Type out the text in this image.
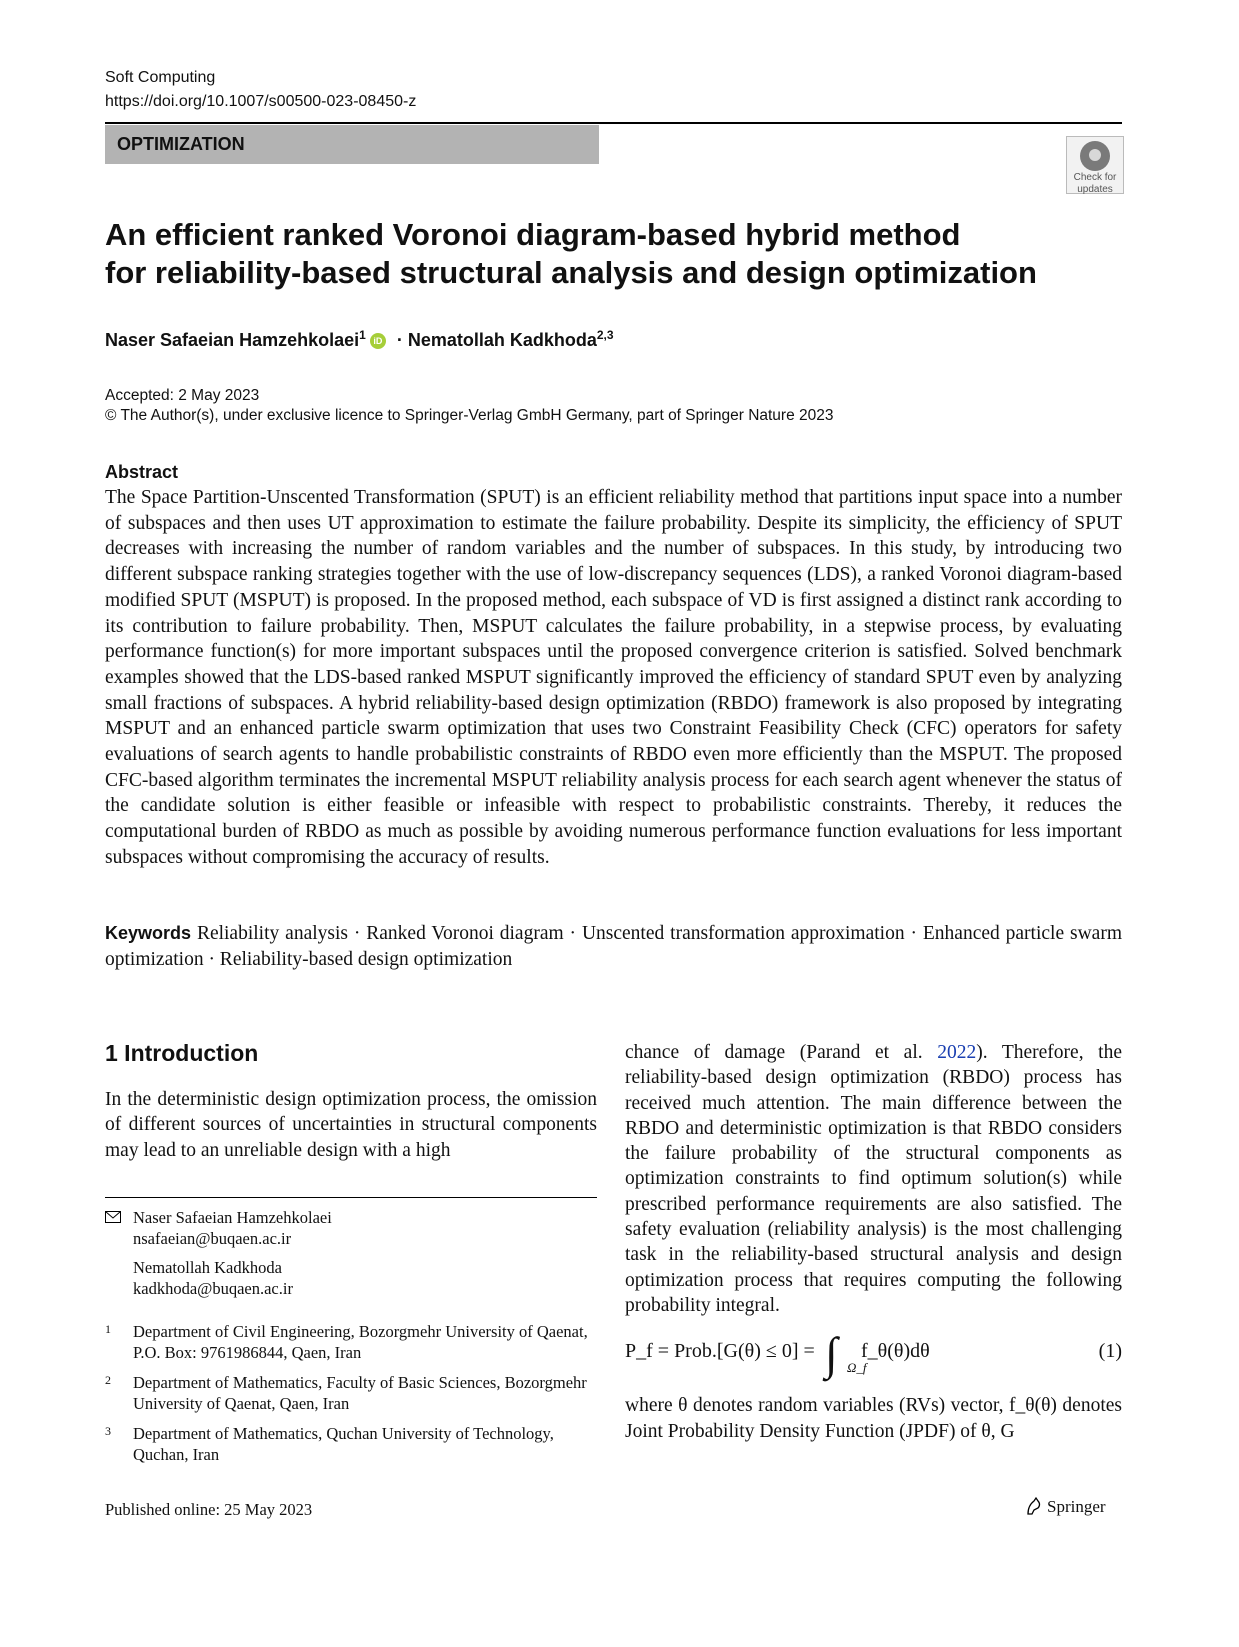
Soft Computing
https://doi.org/10.1007/s00500-023-08450-z
OPTIMIZATION
Check for
updates
An efficient ranked Voronoi diagram-based hybrid method
for reliability-based structural analysis and design optimization
Naser Safaeian Hamzehkolaei$^1$ iD · Nematollah Kadkhoda$^{2,3}$
Accepted: 2 May 2023
© The Author(s), under exclusive licence to Springer-Verlag GmbH Germany, part of Springer Nature 2023
Abstract
The Space Partition-Unscented Transformation (SPUT) is an efficient reliability method that partitions input space into a number of subspaces and then uses UT approximation to estimate the failure probability. Despite its simplicity, the efficiency of SPUT decreases with increasing the number of random variables and the number of subspaces. In this study, by introducing two different subspace ranking strategies together with the use of low-discrepancy sequences (LDS), a ranked Voronoi diagram-based modified SPUT (MSPUT) is proposed. In the proposed method, each subspace of VD is first assigned a distinct rank according to its contribution to failure probability. Then, MSPUT calculates the failure probability, in a stepwise process, by evaluating performance function(s) for more important subspaces until the proposed convergence criterion is satisfied. Solved benchmark examples showed that the LDS-based ranked MSPUT significantly improved the efficiency of standard SPUT even by analyzing small fractions of subspaces. A hybrid reliability-based design optimization (RBDO) framework is also proposed by integrating MSPUT and an enhanced particle swarm optimization that uses two Constraint Feasibility Check (CFC) operators for safety evaluations of search agents to handle probabilistic constraints of RBDO even more efficiently than the MSPUT. The proposed CFC-based algorithm terminates the incremental MSPUT reliability analysis process for each search agent whenever the status of the candidate solution is either feasible or infeasible with respect to probabilistic constraints. Thereby, it reduces the computational burden of RBDO as much as possible by avoiding numerous performance function evaluations for less important subspaces without compromising the accuracy of results.
Keywords Reliability analysis · Ranked Voronoi diagram · Unscented transformation approximation · Enhanced particle swarm optimization · Reliability-based design optimization
1 Introduction
In the deterministic design optimization process, the omission of different sources of uncertainties in structural components may lead to an unreliable design with a high
Naser Safaeian Hamzehkolaei
nsafaeian@buqaen.ac.ir
Nematollah Kadkhoda
kadkhoda@buqaen.ac.ir
1 Department of Civil Engineering, Bozorgmehr University of Qaenat, P.O. Box: 9761986844, Qaen, Iran
2 Department of Mathematics, Faculty of Basic Sciences, Bozorgmehr University of Qaenat, Qaen, Iran
3 Department of Mathematics, Quchan University of Technology, Quchan, Iran
chance of damage (Parand et al. 2022). Therefore, the reliability-based design optimization (RBDO) process has received much attention. The main difference between the RBDO and deterministic optimization is that RBDO considers the failure probability of the structural components as optimization constraints to find optimum solution(s) while prescribed performance requirements are also satisfied. The safety evaluation (reliability analysis) is the most challenging task in the reliability-based structural analysis and design optimization process that requires computing the following probability integral.
P_f = Prob.[G(θ) ≤ 0] = ∫ Ω_f
f_θ(θ)dθ	(1)
where θ denotes random variables (RVs) vector, f_θ(θ) denotes Joint Probability Density Function (JPDF) of θ, G
Published online: 25 May 2023	Springer
